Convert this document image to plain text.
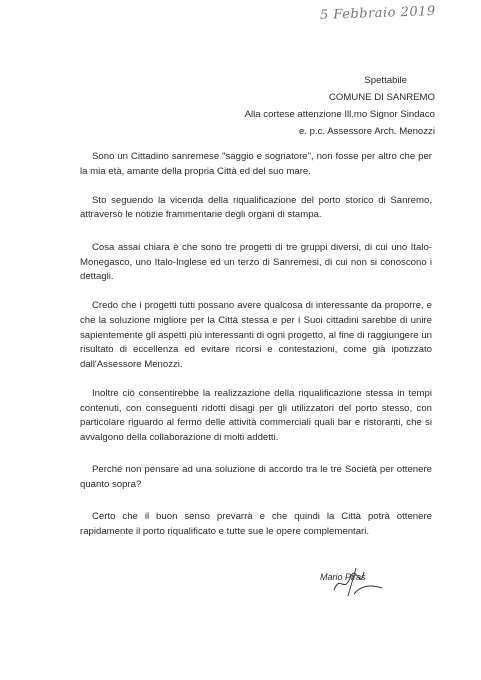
5 Febbraio 2019
Spettabile
COMUNE DI SANREMO
Alla cortese attenzione Ill.mo Signor Sindaco
e. p.c. Assessore Arch. Menozzi

Sono un Cittadino sanremese "saggio e sognatore", non fosse per altro che per la mia età, amante della propria Città ed del suo mare.

Sto seguendo la vicenda della riqualificazione del porto storico di Sanremo, attraverso le notizie frammentarie degli organi di stampa.

Cosa assai chiara è che sono tre progetti di tre gruppi diversi, di cui uno Italo-Monegasco, uno Italo-Inglese ed un terzo di Sanremesi, di cui non si conoscono i dettagli.

Credo che i progetti tutti possano avere qualcosa di interessante da proporre, e che la soluzione migliore per la Città stessa e per i Suoi cittadini sarebbe di unire sapientemente gli aspetti più interessanti di ogni progetto, al fine di raggiungere un risultato di eccellenza ed evitare ricorsi e contestazioni, come già ipotizzato dall'Assessore Menozzi.

Inoltre ciò consentirebbe la realizzazione della riqualificazione stessa in tempi contenuti, con conseguenti ridotti disagi per gli utilizzatori del porto stesso, con particolare riguardo al fermo delle attività commerciali quali bar e ristoranti, che si avvalgono della collaborazione di molti addetti.

Perché non pensare ad una soluzione di accordo tra le tre Società per ottenere quanto sopra?

Certo che il buon senso prevarrà e che quindi la Città potrà ottenere rapidamente il porto riqualificato e tutte sue le opere complementari.

Mario Piras
